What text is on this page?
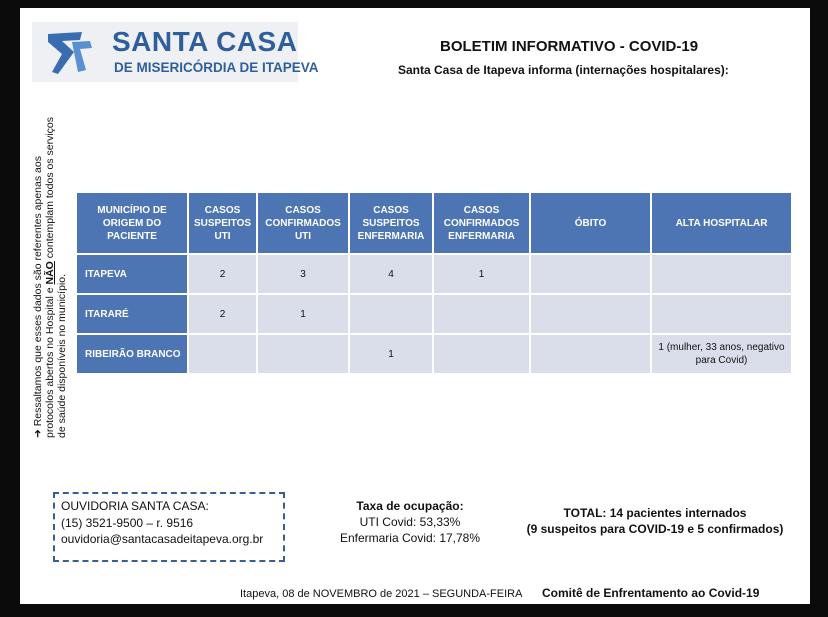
SANTA CASA
DE MISERICÓRDIA DE ITAPEVA
BOLETIM INFORMATIVO - COVID-19
Santa Casa de Itapeva informa (internações hospitalares):
➜ Ressaltamos que esses dados são referentes apenas aos protocolos abertos no Hospital e NÃO contemplam todos os serviços de saúde disponíveis no município.
MUNICÍPIO DE ORIGEM DO PACIENTE	CASOS SUSPEITOS UTI	CASOS CONFIRMADOS UTI	CASOS SUSPEITOS ENFERMARIA	CASOS CONFIRMADOS ENFERMARIA	ÓBITO	ALTA HOSPITALAR
ITAPEVA	2	3	4	1		
ITARARÉ	2	1				
RIBEIRÃO BRANCO			1			1 (mulher, 33 anos, negativo para Covid)
OUVIDORIA SANTA CASA:
(15) 3521-9500 – r. 9516
ouvidoria@santacasadeitapeva.org.br
Taxa de ocupação:
UTI Covid: 53,33%
Enfermaria Covid: 17,78%
TOTAL: 14 pacientes internados
(9 suspeitos para COVID-19 e 5 confirmados)
Itapeva, 08 de NOVEMBRO de 2021 – SEGUNDA-FEIRA Comitê de Enfrentamento ao Covid-19
